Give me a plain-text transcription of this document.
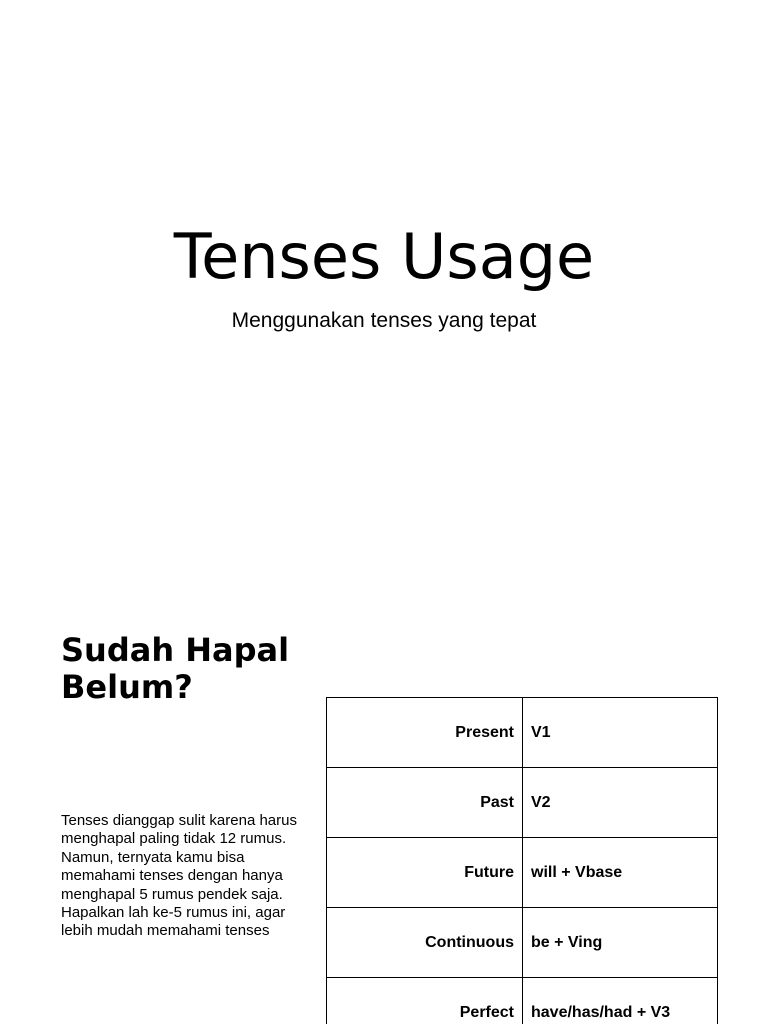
Tenses Usage

Menggunakan tenses yang tepat

Sudah Hapal Belum?

Tenses dianggap sulit karena harus menghapal paling tidak 12 rumus. Namun, ternyata kamu bisa memahami tenses dengan hanya menghapal 5 rumus pendek saja. Hapalkan lah ke-5 rumus ini, agar lebih mudah memahami tenses

Present	V1
Past	V2
Future	will + Vbase
Continuous	be + Ving
Perfect	have/has/had + V3
